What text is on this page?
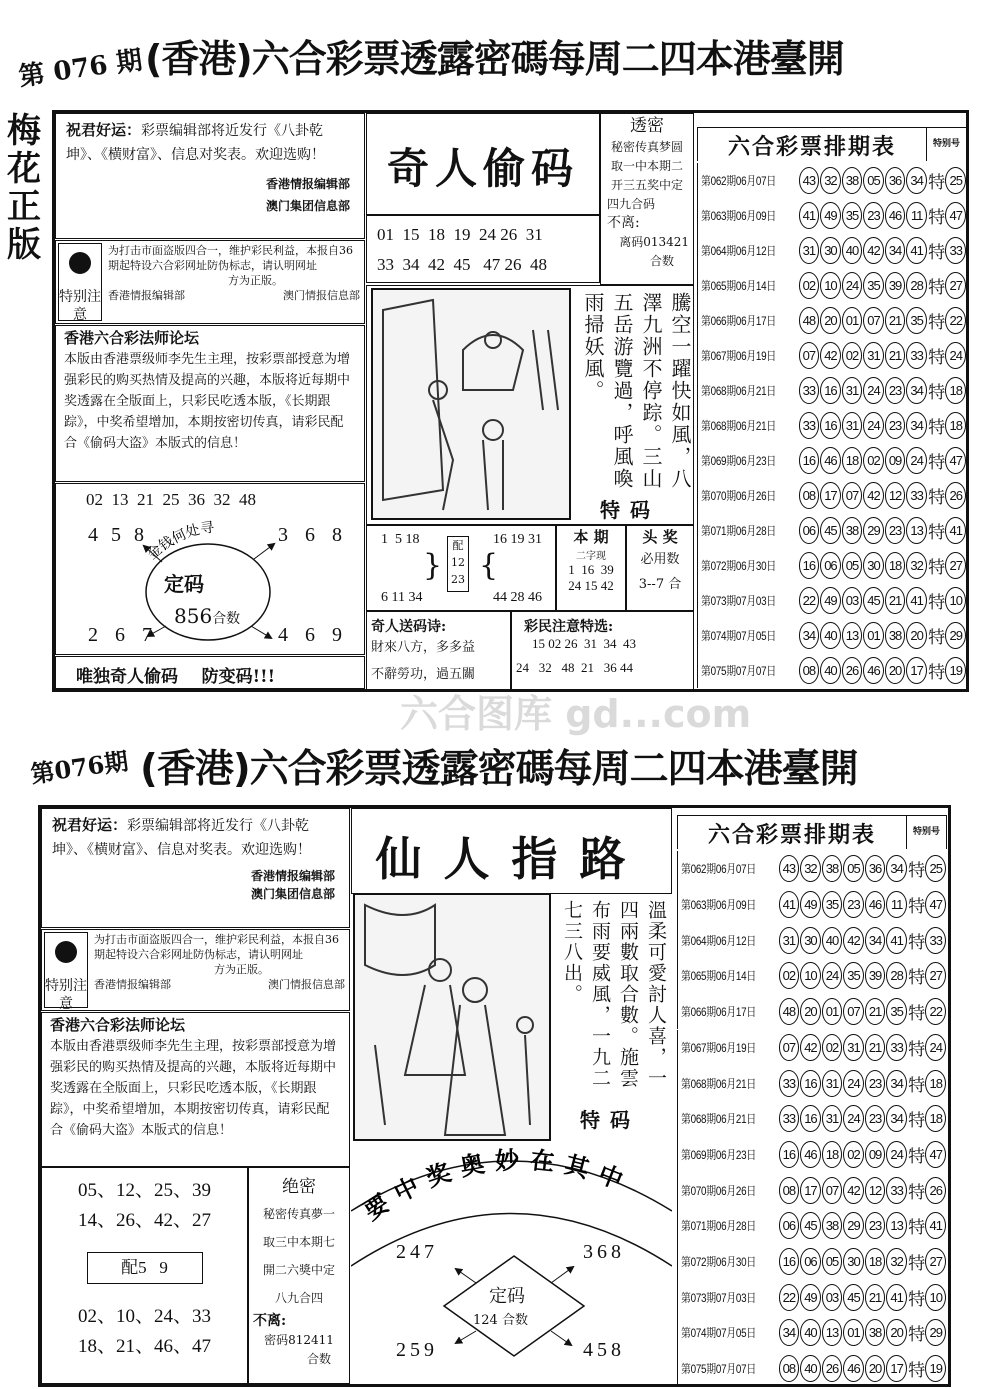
第 076 期 (香港)六合彩票透露密碼每周二四本港臺開
梅花正版
祝君好运：彩票编辑部将近发行《八卦乾坤》、《横财富》、信息对奖表。欢迎选购！
香港情报编辑部
澳门集团信息部
特别注意
为打击市面盗版四合一，维护彩民利益，本报自36期起特设六合彩网址防伪标志，请认明网址
方为正版。
香港情报编辑部	澳门情报信息部
香港六合彩法师论坛

本版由香港票级师李先生主理，按彩票部授意为增强彩民的购买热情及提高的兴趣，本版将近每期中奖透露在全版面上，只彩民吃透本版，《长期跟踪》，中奖希望增加，本期按密切传真，请彩民配合《偷码大盗》本版式的信息！

02  13  21  25  36  32  48
金钱何处寻
4 5 8	3 6 8
定码
856合数
2 6 7	4 6 9
唯独奇人偷码    防变码!!!
奇人偷码
01  15  18  19  24 26  31
33  34  42  45   47 26  48
透密
秘密传真梦圆
取一中本期二
开三五奖中定
四九合码
不离:
离码013421
合数
騰空一躍快如風，八澤九洲不停踪。三山五岳游覽過，呼風喚雨掃妖風。
特码
1  5 18
}
配
12
23 {
16 19 31
6 11 34	44 28 46
本 期
二字现
1  16  39
24 15 42
头 奖
必用数
3--7 合
奇人送码诗:
財來八方，多多益
不辭勞功，過五關
彩民注意特选:
15 02 26  31  34  43
24   32   48  21   36 44
六合彩票排期表	特别号
第062期06月07日	43 32 38 05 36 34 特 25
第063期06月09日	41 49 35 23 46 11 特 47
第064期06月12日	31 30 40 42 34 41 特 33
第065期06月14日	02 10 24 35 39 28 特 27
第066期06月17日	48 20 01 07 21 35 特 22
第067期06月19日	07 42 02 31 21 33 特 24
第068期06月21日	33 16 31 24 23 34 特 18
第068期06月21日	33 16 31 24 23 34 特 18
第069期06月23日	16 46 18 02 09 24 特 47
第070期06月26日	08 17 07 42 12 33 特 26
第071期06月28日	06 45 38 29 23 13 特 41
第072期06月30日	16 06 05 30 18 32 特 27
第073期07月03日	22 49 03 45 21 41 特 10
第074期07月05日	34 40 13 01 38 20 特 29
第075期07月07日	08 40 26 46 20 17 特 19
六合图库 gd...com
第076期 (香港)六合彩票透露密碼每周二四本港臺開
祝君好运：彩票编辑部将近发行《八卦乾坤》、《横财富》、信息对奖表。欢迎选购！
香港情报编辑部
澳门集团信息部
特别注意
为打击市面盗版四合一，维护彩民利益，本报自36期起特设六合彩网址防伪标志，请认明网址
方为正版。
香港情报编辑部	澳门情报信息部
香港六合彩法师论坛

本版由香港票级师李先生主理，按彩票部授意为增强彩民的购买热情及提高的兴趣，本版将近每期中奖透露在全版面上，只彩民吃透本版，《长期跟踪》，中奖希望增加，本期按密切传真，请彩民配合《偷码大盗》本版式的信息！

05、12、25、39
14、26、42、27
配5   9
02、10、24、33
18、21、46、47
绝密
秘密传真夢一
取三中本期七
開二六獎中定
八九合四
不离:
密码812411
合数
仙人指路
溫柔可愛討人喜，一四兩數取合數。施雲布雨要威風，一九二七三八出。
特码
要中奖奥妙在其中
247	368
定码
124 合数
259	458
六合彩票排期表	特别号
第062期06月07日	43 32 38 05 36 34 特 25
第063期06月09日	41 49 35 23 46 11 特 47
第064期06月12日	31 30 40 42 34 41 特 33
第065期06月14日	02 10 24 35 39 28 特 27
第066期06月17日	48 20 01 07 21 35 特 22
第067期06月19日	07 42 02 31 21 33 特 24
第068期06月21日	33 16 31 24 23 34 特 18
第068期06月21日	33 16 31 24 23 34 特 18
第069期06月23日	16 46 18 02 09 24 特 47
第070期06月26日	08 17 07 42 12 33 特 26
第071期06月28日	06 45 38 29 23 13 特 41
第072期06月30日	16 06 05 30 18 32 特 27
第073期07月03日	22 49 03 45 21 41 特 10
第074期07月05日	34 40 13 01 38 20 特 29
第075期07月07日	08 40 26 46 20 17 特 19
